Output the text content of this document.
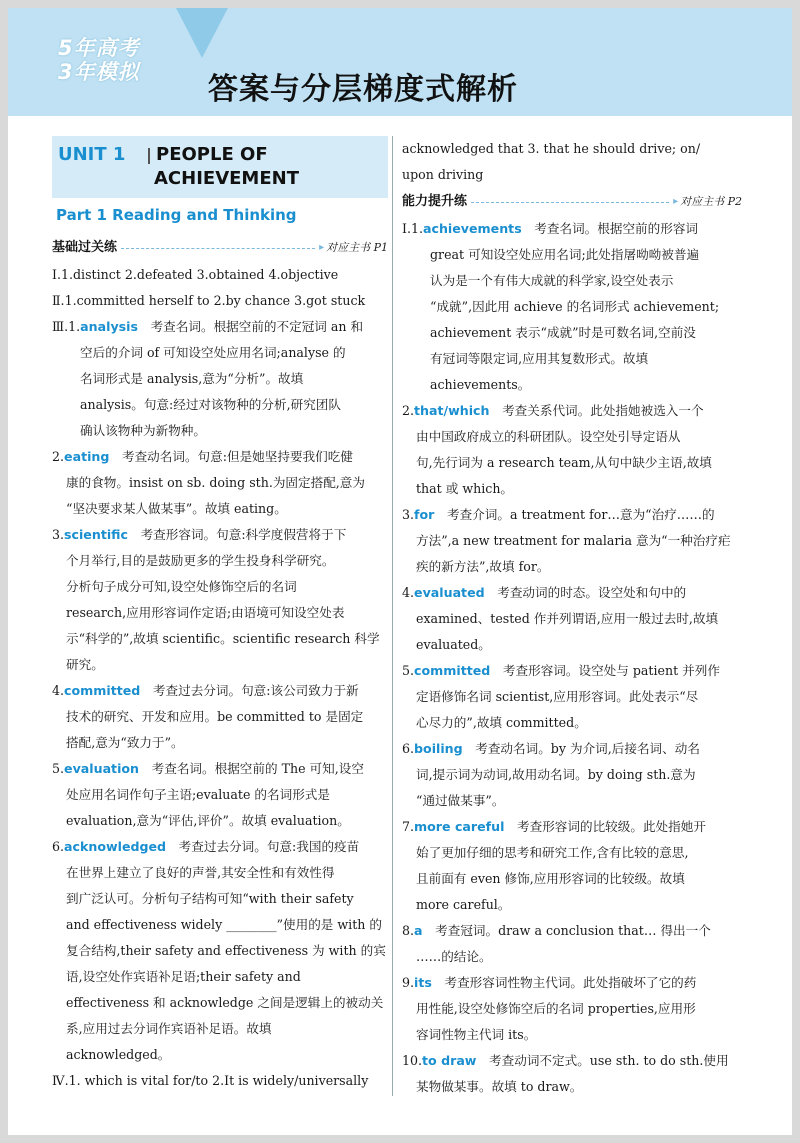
5年高考
3年模拟 答案与分层梯度式解析
UNIT 1 PEOPLE OF
ACHIEVEMENT
Part 1 Reading and Thinking
基础过关练	▸ 对应主书 P1
Ⅰ.1.distinct 2.defeated 3.obtained 4.objective
Ⅱ.1.committed herself to 2.by chance 3.got stuck
Ⅲ.1.analysis　考查名词。根据空前的不定冠词 an 和
空后的介词 of 可知设空处应用名词;analyse 的
名词形式是 analysis,意为“分析”。故填
analysis。句意:经过对该物种的分析,研究团队
确认该物种为新物种。
2.eating　考查动名词。句意:但是她坚持要我们吃健
康的食物。insist on sb. doing sth.为固定搭配,意为
“坚决要求某人做某事”。故填 eating。
3.scientific　考查形容词。句意:科学度假营将于下
个月举行,目的是鼓励更多的学生投身科学研究。
分析句子成分可知,设空处修饰空后的名词
research,应用形容词作定语;由语境可知设空处表
示“科学的”,故填 scientific。scientific research 科学
研究。
4.committed　考查过去分词。句意:该公司致力于新
技术的研究、开发和应用。be committed to 是固定
搭配,意为“致力于”。
5.evaluation　考查名词。根据空前的 The 可知,设空
处应用名词作句子主语;evaluate 的名词形式是
evaluation,意为“评估,评价”。故填 evaluation。
6.acknowledged　考查过去分词。句意:我国的疫苗
在世界上建立了良好的声誉,其安全性和有效性得
到广泛认可。分析句子结构可知“with their safety
and effectiveness widely ________”使用的是 with 的
复合结构,their safety and effectiveness 为 with 的宾
语,设空处作宾语补足语;their safety and
effectiveness 和 acknowledge 之间是逻辑上的被动关
系,应用过去分词作宾语补足语。故填
acknowledged。
Ⅳ.1. which is vital for/to 2.It is widely/universally
acknowledged that 3. that he should drive; on/
upon driving
能力提升练	▸ 对应主书 P2
Ⅰ.1.achievements　考查名词。根据空前的形容词
great 可知设空处应用名词;此处指屠呦呦被普遍
认为是一个有伟大成就的科学家,设空处表示
“成就”,因此用 achieve 的名词形式 achievement;
achievement 表示“成就”时是可数名词,空前没
有冠词等限定词,应用其复数形式。故填
achievements。
2.that/which　考查关系代词。此处指她被选入一个
由中国政府成立的科研团队。设空处引导定语从
句,先行词为 a research team,从句中缺少主语,故填
that 或 which。
3.for　考查介词。a treatment for…意为“治疗……的
方法”,a new treatment for malaria 意为“一种治疗疟
疾的新方法”,故填 for。
4.evaluated　考查动词的时态。设空处和句中的
examined、tested 作并列谓语,应用一般过去时,故填
evaluated。
5.committed　考查形容词。设空处与 patient 并列作
定语修饰名词 scientist,应用形容词。此处表示“尽
心尽力的”,故填 committed。
6.boiling　考查动名词。by 为介词,后接名词、动名
词,提示词为动词,故用动名词。by doing sth.意为
“通过做某事”。
7.more careful　考查形容词的比较级。此处指她开
始了更加仔细的思考和研究工作,含有比较的意思,
且前面有 even 修饰,应用形容词的比较级。故填
more careful。
8.a　考查冠词。draw a conclusion that… 得出一个
……的结论。
9.its　考查形容词性物主代词。此处指破坏了它的药
用性能,设空处修饰空后的名词 properties,应用形
容词性物主代词 its。
10.to draw　考查动词不定式。use sth. to do sth.使用
某物做某事。故填 to draw。
